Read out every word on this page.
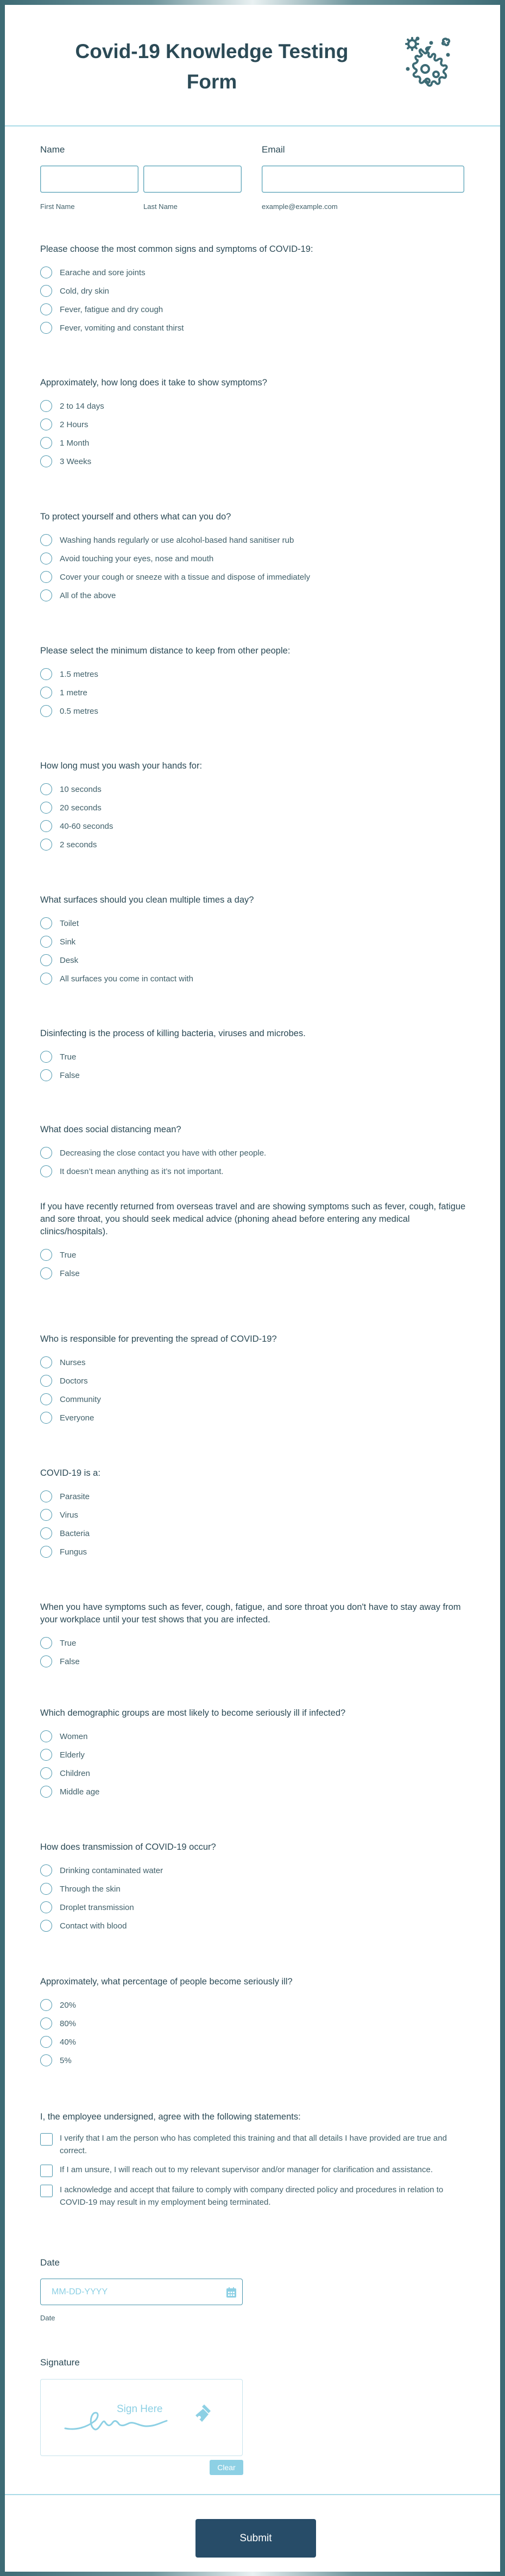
Covid-19 Knowledge Testing Form
Name
First Name	Last Name
Email
example@example.com
Please choose the most common signs and symptoms of COVID-19:
Earache and sore joints
Cold, dry skin
Fever, fatigue and dry cough
Fever, vomiting and constant thirst
Approximately, how long does it take to show symptoms?
2 to 14 days
2 Hours
1 Month
3 Weeks
To protect yourself and others what can you do?
Washing hands regularly or use alcohol-based hand sanitiser rub
Avoid touching your eyes, nose and mouth
Cover your cough or sneeze with a tissue and dispose of immediately
All of the above
Please select the minimum distance to keep from other people:
1.5 metres
1 metre
0.5 metres
How long must you wash your hands for:
10 seconds
20 seconds
40-60 seconds
2 seconds
What surfaces should you clean multiple times a day?
Toilet
Sink
Desk
All surfaces you come in contact with
Disinfecting is the process of killing bacteria, viruses and microbes.
True
False
What does social distancing mean?
Decreasing the close contact you have with other people.
It doesn’t mean anything as it’s not important.
If you have recently returned from overseas travel and are showing symptoms such as fever, cough, fatigue and sore throat, you should seek medical advice (phoning ahead before entering any medical clinics/hospitals).
True
False
Who is responsible for preventing the spread of COVID-19?
Nurses
Doctors
Community
Everyone
COVID-19 is a:
Parasite
Virus
Bacteria
Fungus
When you have symptoms such as fever, cough, fatigue, and sore throat you don't have to stay away from your workplace until your test shows that you are infected.
True
False
Which demographic groups are most likely to become seriously ill if infected?
Women
Elderly
Children
Middle age
How does transmission of COVID-19 occur?
Drinking contaminated water
Through the skin
Droplet transmission
Contact with blood
Approximately, what percentage of people become seriously ill?
20%
80%
40%
5%
I, the employee undersigned, agree with the following statements:
I verify that I am the person who has completed this training and that all details I have provided are true and correct.
If I am unsure, I will reach out to my relevant supervisor and/or manager for clarification and assistance.
I acknowledge and accept that failure to comply with company directed policy and procedures in relation to COVID-19 may result in my employment being terminated.
Date
MM-DD-YYYY
Date
Signature
Sign Here
Clear
Submit
